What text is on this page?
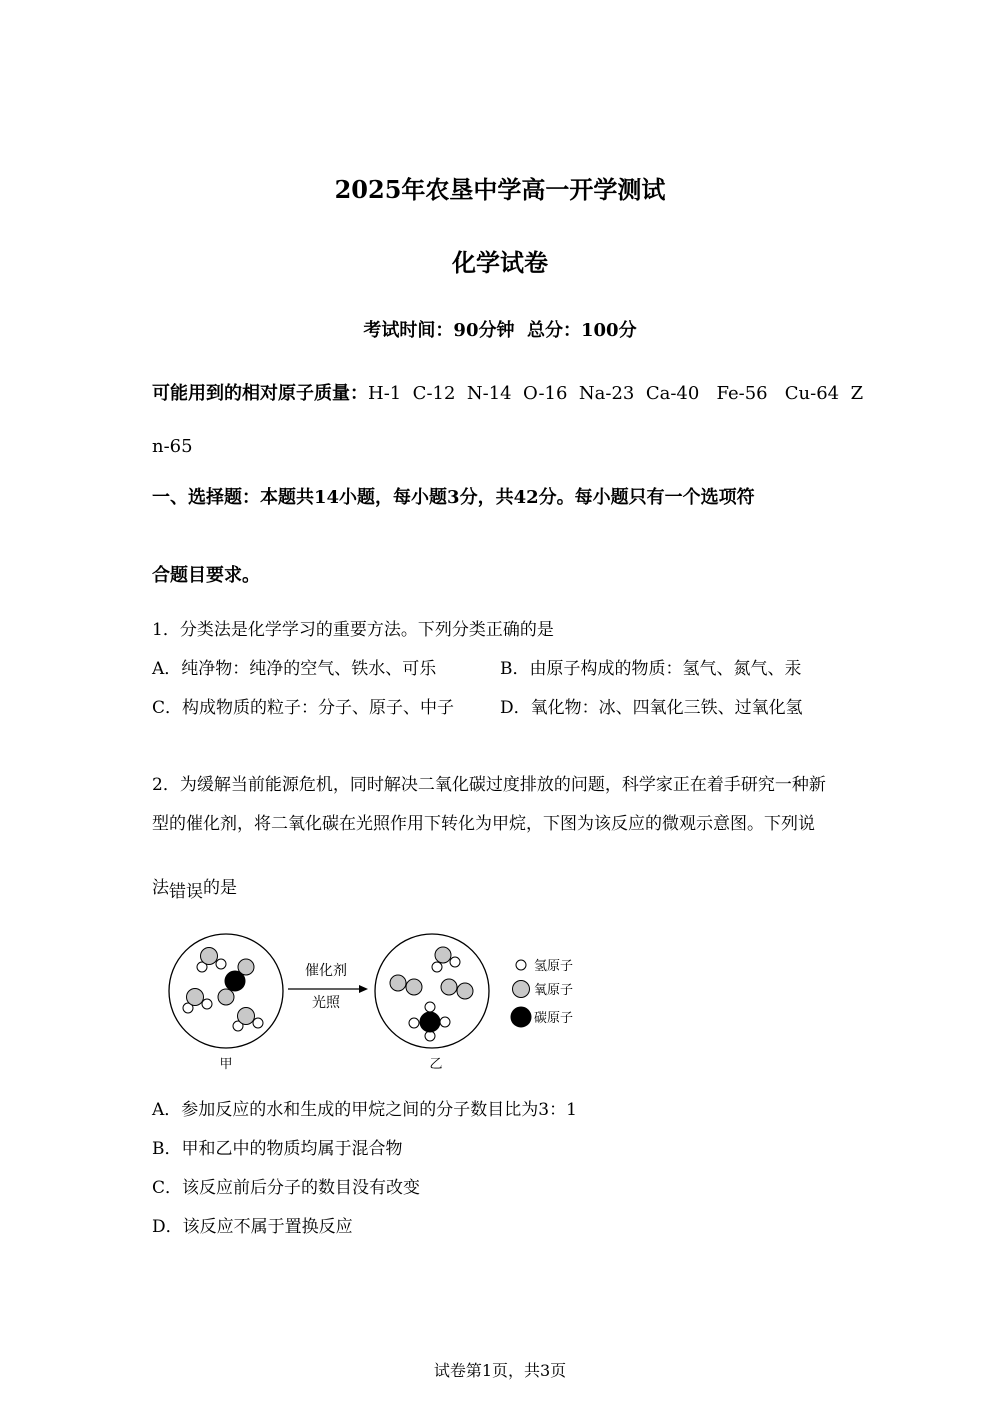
2025年农垦中学高一开学测试
化学试卷
考试时间：90分钟  总分：100分
可能用到的相对原子质量：H-1  C-12  N-14  O-16  Na-23  Ca-40   Fe-56   Cu-64  Z
n-65
一、选择题：本题共14小题，每小题3分，共42分。每小题只有一个选项符
合题目要求。
1．分类法是化学学习的重要方法。下列分类正确的是
A．纯净物：纯净的空气、铁水、可乐	B．由原子构成的物质：氢气、氮气、汞
C．构成物质的粒子：分子、原子、中子	D．氧化物：冰、四氧化三铁、过氧化氢
2．为缓解当前能源危机，同时解决二氧化碳过度排放的问题，科学家正在着手研究一种新
型的催化剂，将二氧化碳在光照作用下转化为甲烷，下图为该反应的微观示意图。下列说
法错误的是
甲
催化剂
光照
乙
氢原子
氧原子
碳原子
A．参加反应的水和生成的甲烷之间的分子数目比为3：1
B．甲和乙中的物质均属于混合物
C．该反应前后分子的数目没有改变
D．该反应不属于置换反应
试卷第1页，共3页
